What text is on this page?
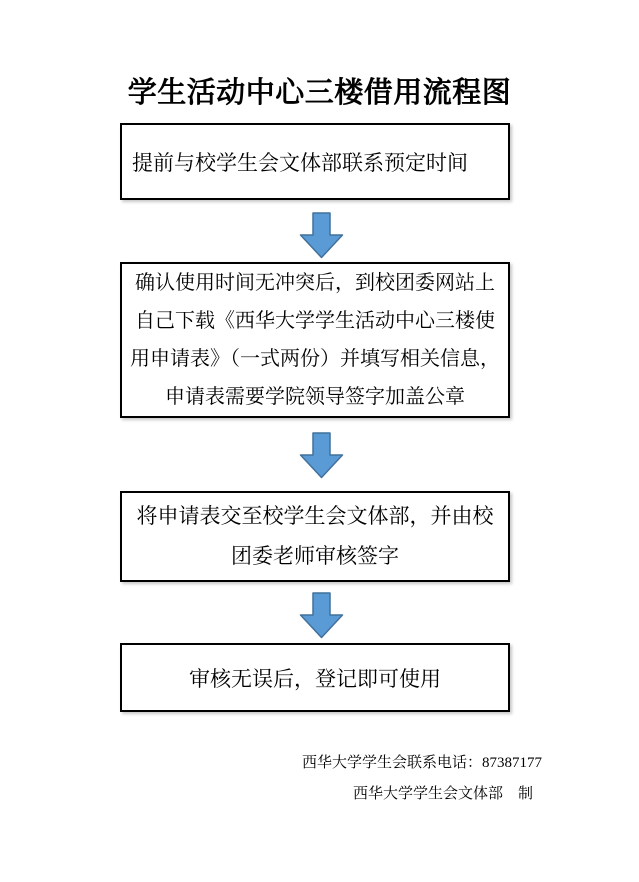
学生活动中心三楼借用流程图
提前与校学生会文体部联系预定时间
确认使用时间无冲突后，到校团委网站上
自己下载《西华大学学生活动中心三楼使
用申请表》（一式两份）并填写相关信息，
申请表需要学院领导签字加盖公章
将申请表交至校学生会文体部，并由校
团委老师审核签字
审核无误后，登记即可使用
西华大学学生会联系电话：87387177
西华大学学生会文体部　制
